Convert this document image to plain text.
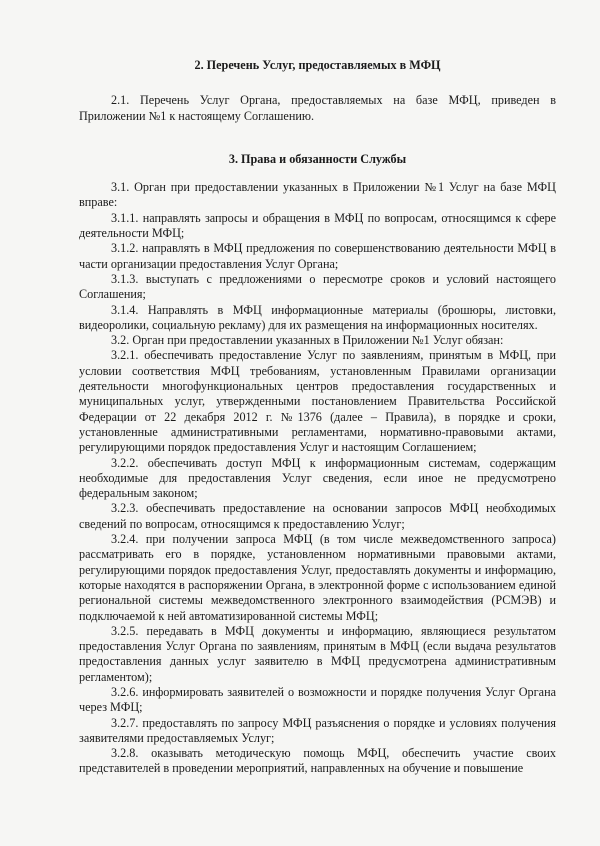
2. Перечень Услуг, предоставляемых в МФЦ

2.1. Перечень Услуг Органа, предоставляемых на базе МФЦ, приведен в Приложении №1 к настоящему Соглашению.

3. Права и обязанности Службы

3.1. Орган при предоставлении указанных в Приложении №1 Услуг на базе МФЦ вправе:

3.1.1. направлять запросы и обращения в МФЦ по вопросам, относящимся к сфере деятельности МФЦ;

3.1.2. направлять в МФЦ предложения по совершенствованию деятельности МФЦ в части организации предоставления Услуг Органа;

3.1.3. выступать с предложениями о пересмотре сроков и условий настоящего Соглашения;

3.1.4. Направлять в МФЦ информационные материалы (брошюры, листовки, видеоролики, социальную рекламу) для их размещения на информационных носителях.

3.2. Орган при предоставлении указанных в Приложении №1 Услуг обязан:

3.2.1. обеспечивать предоставление Услуг по заявлениям, принятым в МФЦ, при условии соответствия МФЦ требованиям, установленным Правилами организации деятельности многофункциональных центров предоставления государственных и муниципальных услуг, утвержденными постановлением Правительства Российской Федерации от 22 декабря 2012 г. №1376 (далее – Правила), в порядке и сроки, установленные административными регламентами, нормативно-правовыми актами, регулирующими порядок предоставления Услуг и настоящим Соглашением;

3.2.2. обеспечивать доступ МФЦ к информационным системам, содержащим необходимые для предоставления Услуг сведения, если иное не предусмотрено федеральным законом;

3.2.3. обеспечивать предоставление на основании запросов МФЦ необходимых сведений по вопросам, относящимся к предоставлению Услуг;

3.2.4. при получении запроса МФЦ (в том числе межведомственного запроса) рассматривать его в порядке, установленном нормативными правовыми актами, регулирующими порядок предоставления Услуг, предоставлять документы и информацию, которые находятся в распоряжении Органа, в электронной форме с использованием единой региональной системы межведомственного электронного взаимодействия (РСМЭВ) и подключаемой к ней автоматизированной системы МФЦ;

3.2.5. передавать в МФЦ документы и информацию, являющиеся результатом предоставления Услуг Органа по заявлениям, принятым в МФЦ (если выдача результатов предоставления данных услуг заявителю в МФЦ предусмотрена административным регламентом);

3.2.6. информировать заявителей о возможности и порядке получения Услуг Органа через МФЦ;

3.2.7. предоставлять по запросу МФЦ разъяснения о порядке и условиях получения заявителями предоставляемых Услуг;

3.2.8. оказывать методическую помощь МФЦ, обеспечить участие своих представителей в проведении мероприятий, направленных на обучение и повышение
